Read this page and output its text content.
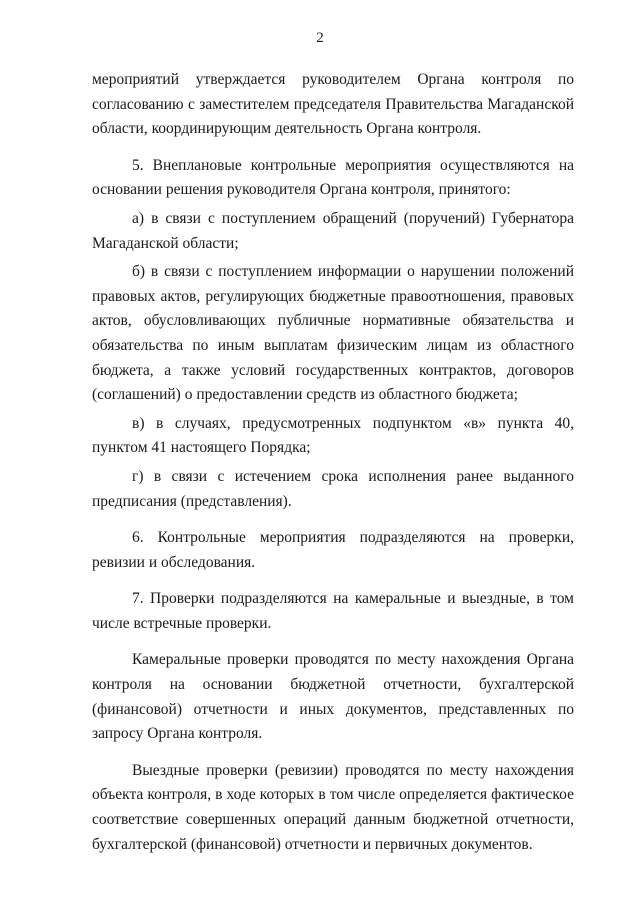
2

мероприятий утверждается руководителем Органа контроля по согласованию с заместителем председателя Правительства Магаданской области, координирующим деятельность Органа контроля.

5. Внеплановые контрольные мероприятия осуществляются на основании решения руководителя Органа контроля, принятого:

а) в связи с поступлением обращений (поручений) Губернатора Магаданской области;

б) в связи с поступлением информации о нарушении положений правовых актов, регулирующих бюджетные правоотношения, правовых актов, обусловливающих публичные нормативные обязательства и обязательства по иным выплатам физическим лицам из областного бюджета, а также условий государственных контрактов, договоров (соглашений) о предоставлении средств из областного бюджета;

в) в случаях, предусмотренных подпунктом «в» пункта 40, пунктом 41 настоящего Порядка;

г) в связи с истечением срока исполнения ранее выданного предписания (представления).

6. Контрольные мероприятия подразделяются на проверки, ревизии и обследования.

7. Проверки подразделяются на камеральные и выездные, в том числе встречные проверки.

Камеральные проверки проводятся по месту нахождения Органа контроля на основании бюджетной отчетности, бухгалтерской (финансовой) отчетности и иных документов, представленных по запросу Органа контроля.

Выездные проверки (ревизии) проводятся по месту нахождения объекта контроля, в ходе которых в том числе определяется фактическое соответствие совершенных операций данным бюджетной отчетности, бухгалтерской (финансовой) отчетности и первичных документов.
